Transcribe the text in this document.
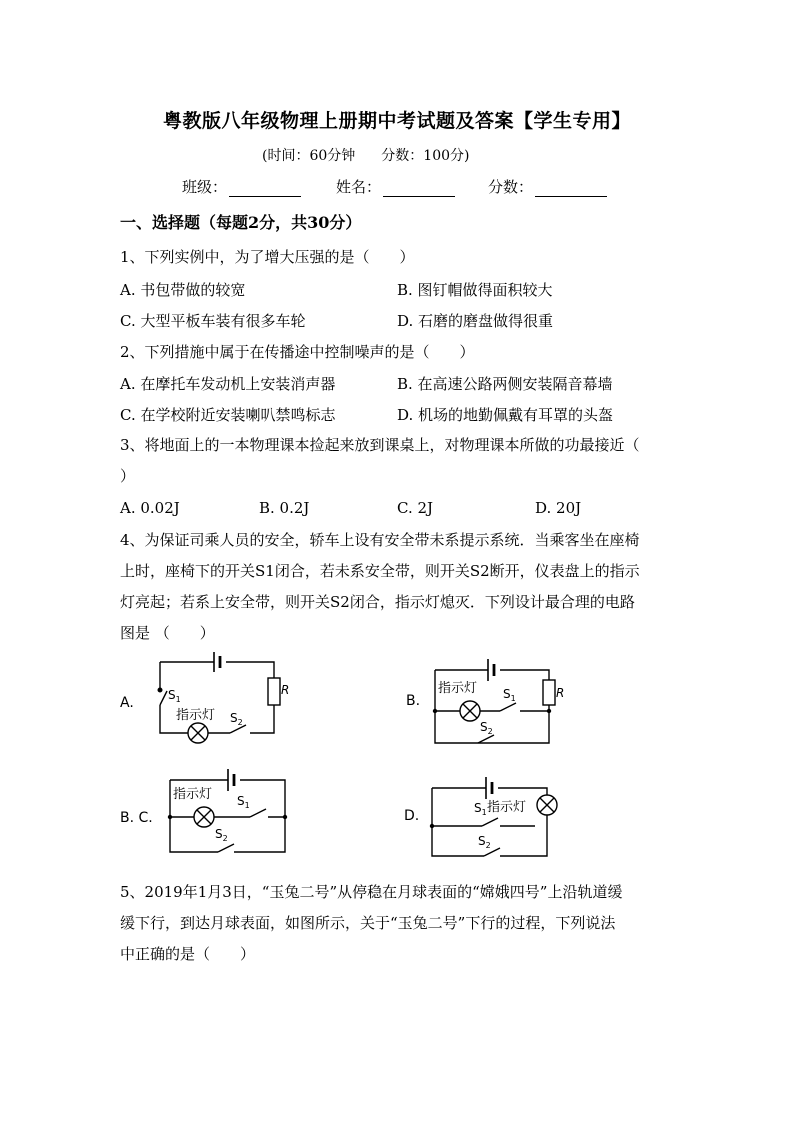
粤教版八年级物理上册期中考试题及答案【学生专用】
(时间：60分钟 分数：100分)
班级：	姓名：	分数：
一、选择题（每题2分，共30分）
1、下列实例中，为了增大压强的是（　　）
A. 书包带做的较宽	B. 图钉帽做得面积较大
C. 大型平板车装有很多车轮	D. 石磨的磨盘做得很重
2、下列措施中属于在传播途中控制噪声的是（　　）
A. 在摩托车发动机上安装消声器	B. 在高速公路两侧安装隔音幕墙
C. 在学校附近安装喇叭禁鸣标志	D. 机场的地勤佩戴有耳罩的头盔
3、将地面上的一本物理课本捡起来放到课桌上，对物理课本所做的功最接近（
）
A. 0.02J	B. 0.2J	C. 2J	D. 20J
4、为保证司乘人员的安全，轿车上设有安全带未系提示系统．当乘客坐在座椅
上时，座椅下的开关S1闭合，若未系安全带，则开关S2断开，仪表盘上的指示
灯亮起；若系上安全带，则开关S2闭合，指示灯熄灭．下列设计最合理的电路
图是 （　　）
A.	$S_1$
R
指示灯 $S_2$
B.
指示灯 $S_1$	R
$S_2$
B. C.
指示灯 $S_1$
$S_2$
D.	$S_1$ 指示灯
$S_2$
5、2019年1月3日，“玉兔二号”从停稳在月球表面的“嫦娥四号”上沿轨道缓
缓下行，到达月球表面，如图所示，关于“玉兔二号”下行的过程，下列说法
中正确的是（　　）
